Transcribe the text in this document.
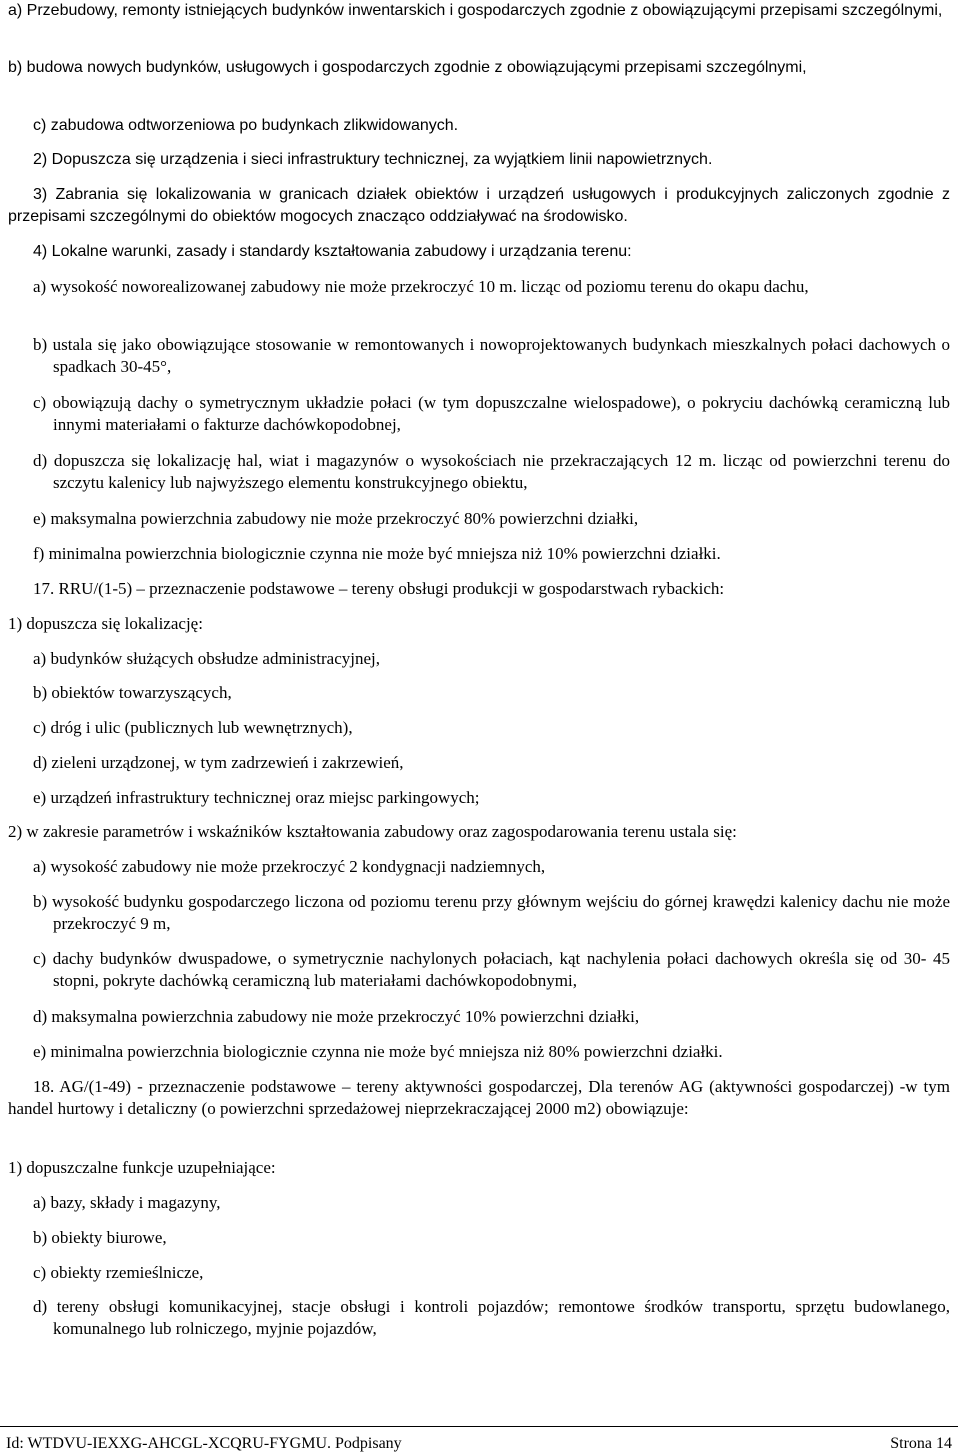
a) Przebudowy, remonty istniejących budynków inwentarskich i gospodarczych zgodnie z obowiązującymi przepisami szczególnymi,

b) budowa nowych budynków, usługowych i gospodarczych zgodnie z obowiązującymi przepisami szczególnymi,

c) zabudowa odtworzeniowa po budynkach zlikwidowanych.

2) Dopuszcza się urządzenia i sieci infrastruktury technicznej, za wyjątkiem linii napowietrznych.

3) Zabrania się lokalizowania w granicach działek obiektów i urządzeń usługowych i produkcyjnych zaliczonych zgodnie z przepisami szczególnymi do obiektów mogocych znacząco oddziaływać na środowisko.

4) Lokalne warunki, zasady i standardy kształtowania zabudowy i urządzania terenu:

a) wysokość noworealizowanej zabudowy nie może przekroczyć 10 m. licząc od poziomu terenu do okapu dachu,

b) ustala się jako obowiązujące stosowanie w remontowanych i nowoprojektowanych budynkach mieszkalnych połaci dachowych o spadkach 30-45°,

c) obowiązują dachy o symetrycznym układzie połaci (w tym dopuszczalne wielospadowe), o pokryciu dachówką ceramiczną lub innymi materiałami o fakturze dachówkopodobnej,

d) dopuszcza się lokalizację hal, wiat i magazynów o wysokościach nie przekraczających 12 m. licząc od powierzchni terenu do szczytu kalenicy lub najwyższego elementu konstrukcyjnego obiektu,

e) maksymalna powierzchnia zabudowy nie może przekroczyć 80% powierzchni działki,

f) minimalna powierzchnia biologicznie czynna nie może być mniejsza niż 10% powierzchni działki.

17. RRU/(1-5) – przeznaczenie podstawowe – tereny obsługi produkcji w gospodarstwach rybackich:

1) dopuszcza się lokalizację:

a) budynków służących obsłudze administracyjnej,

b) obiektów towarzyszących,

c) dróg i ulic (publicznych lub wewnętrznych),

d) zieleni urządzonej, w tym zadrzewień i zakrzewień,

e) urządzeń infrastruktury technicznej oraz miejsc parkingowych;

2) w zakresie parametrów i wskaźników kształtowania zabudowy oraz zagospodarowania terenu ustala się:

a) wysokość zabudowy nie może przekroczyć 2 kondygnacji nadziemnych,

b) wysokość budynku gospodarczego liczona od poziomu terenu przy głównym wejściu do górnej krawędzi kalenicy dachu nie może przekroczyć 9 m,

c) dachy budynków dwuspadowe, o symetrycznie nachylonych połaciach, kąt nachylenia połaci dachowych określa się od 30- 45 stopni, pokryte dachówką ceramiczną lub materiałami dachówkopodobnymi,

d) maksymalna powierzchnia zabudowy nie może przekroczyć 10% powierzchni działki,

e) minimalna powierzchnia biologicznie czynna nie może być mniejsza niż 80% powierzchni działki.

18. AG/(1-49) - przeznaczenie podstawowe – tereny aktywności gospodarczej, Dla terenów AG (aktywności gospodarczej) -w tym handel hurtowy i detaliczny (o powierzchni sprzedażowej nieprzekraczającej 2000 m2) obowiązuje:

1) dopuszczalne funkcje uzupełniające:

a) bazy, składy i magazyny,

b) obiekty biurowe,

c) obiekty rzemieślnicze,

d) tereny obsługi komunikacyjnej, stacje obsługi i kontroli pojazdów; remontowe środków transportu, sprzętu budowlanego, komunalnego lub rolniczego, myjnie pojazdów,

Id: WTDVU-IEXXG-AHCGL-XCQRU-FYGMU. Podpisany	Strona 14
